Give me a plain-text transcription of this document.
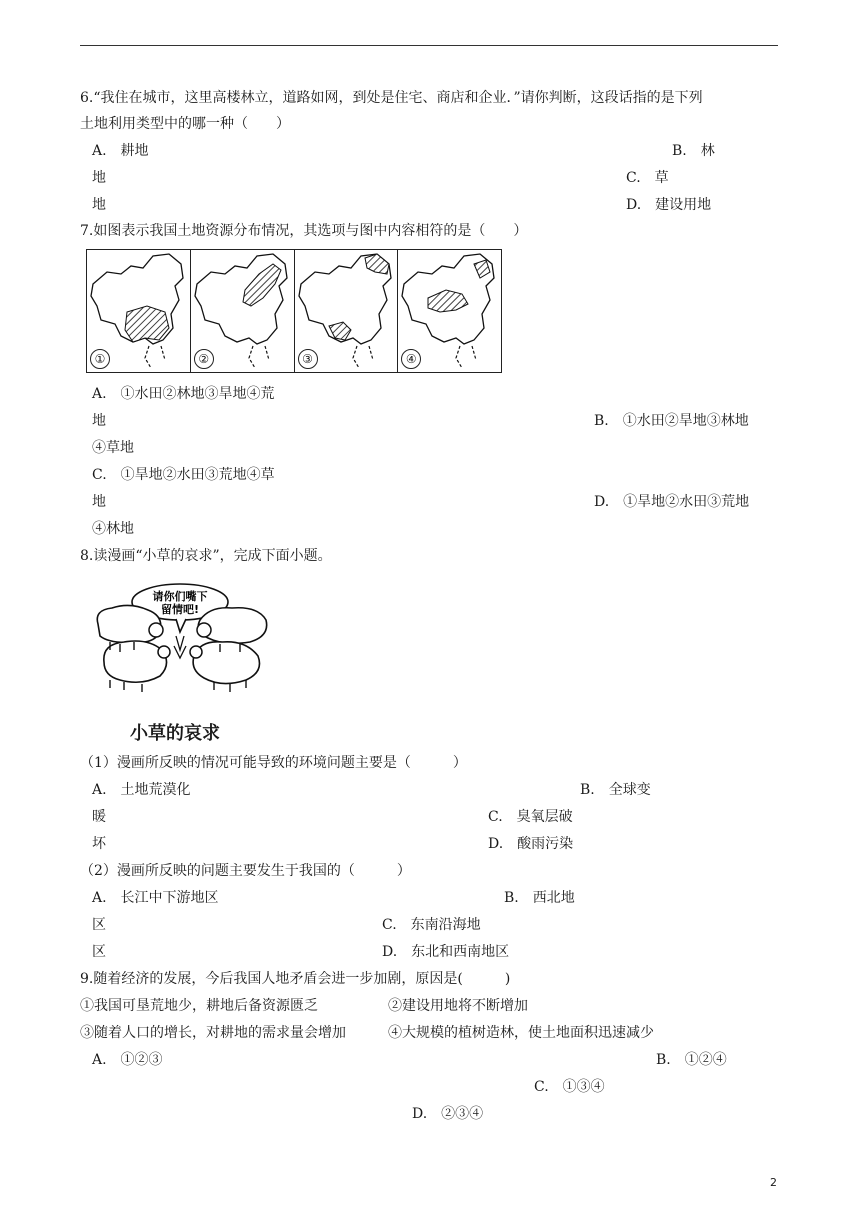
6.“我住在城市，这里高楼林立，道路如网，到处是住宅、商店和企业．”请你判断，这段话指的是下列
土地利用类型中的哪一种（　　）
A.　耕地	B.　林
地	C.　草
地	D.　建设用地
7.如图表示我国土地资源分布情况，其选项与图中内容相符的是（　　）
①	②	③	④
A.　①水田②林地③旱地④荒
地	B.　①水田②旱地③林地
④草地
C.　①旱地②水田③荒地④草
地	D.　①旱地②水田③荒地
④林地
8.读漫画“小草的哀求”，完成下面小题。
请你们嘴下
留情吧!
小草的哀求
（1）漫画所反映的情况可能导致的环境问题主要是（　　　）
A.　土地荒漠化	B.　全球变
暖	C.　臭氧层破
坏	D.　酸雨污染
（2）漫画所反映的问题主要发生于我国的（　　　）
A.　长江中下游地区	B.　西北地
区	C.　东南沿海地
区	D.　东北和西南地区
9.随着经济的发展，今后我国人地矛盾会进一步加剧，原因是(　　　)
①我国可垦荒地少，耕地后备资源匮乏	②建设用地将不断增加
③随着人口的增长，对耕地的需求量会增加	④大规模的植树造林，使土地面积迅速减少
A.　①②③	B.　①②④
C.　①③④
D.　②③④
2
